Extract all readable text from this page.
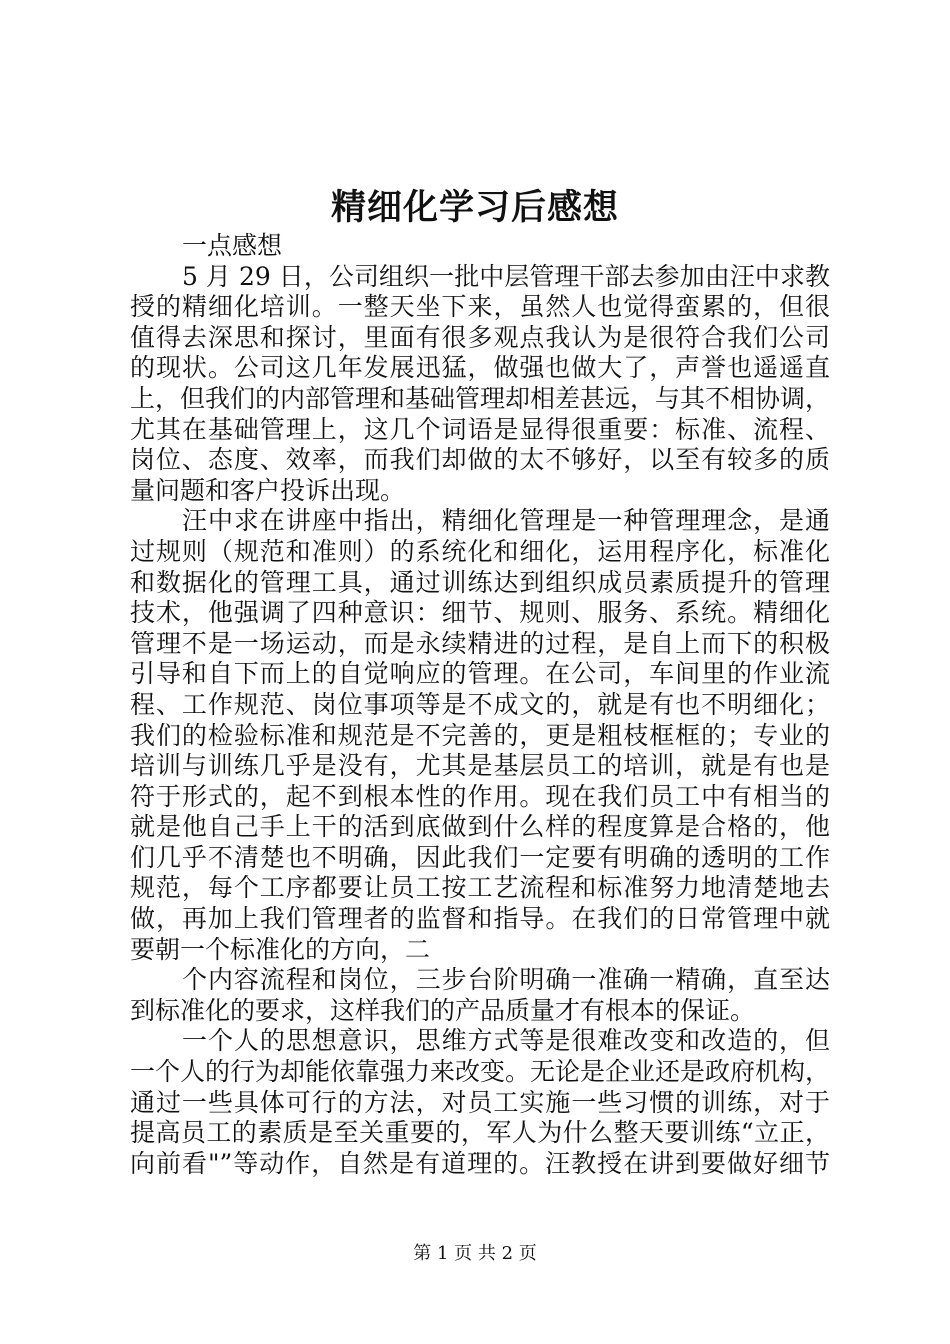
精细化学习后感想
一点感想
5 月 29 日，公司组织一批中层管理干部去参加由汪中求教
授的精细化培训。一整天坐下来，虽然人也觉得蛮累的，但很
值得去深思和探讨，里面有很多观点我认为是很符合我们公司
的现状。公司这几年发展迅猛，做强也做大了，声誉也遥遥直
上，但我们的内部管理和基础管理却相差甚远，与其不相协调，
尤其在基础管理上，这几个词语是显得很重要：标准、流程、
岗位、态度、效率，而我们却做的太不够好，以至有较多的质
量问题和客户投诉出现。
汪中求在讲座中指出，精细化管理是一种管理理念，是通
过规则（规范和准则）的系统化和细化，运用程序化，标准化
和数据化的管理工具，通过训练达到组织成员素质提升的管理
技术，他强调了四种意识：细节、规则、服务、系统。精细化
管理不是一场运动，而是永续精进的过程，是自上而下的积极
引导和自下而上的自觉响应的管理。在公司，车间里的作业流
程、工作规范、岗位事项等是不成文的，就是有也不明细化；
我们的检验标准和规范是不完善的，更是粗枝框框的；专业的
培训与训练几乎是没有，尤其是基层员工的培训，就是有也是
符于形式的，起不到根本性的作用。现在我们员工中有相当的
就是他自己手上干的活到底做到什么样的程度算是合格的，他
们几乎不清楚也不明确，因此我们一定要有明确的透明的工作
规范，每个工序都要让员工按工艺流程和标准努力地清楚地去
做，再加上我们管理者的监督和指导。在我们的日常管理中就
要朝一个标准化的方向，二
个内容流程和岗位，三步台阶明确一准确一精确，直至达
到标准化的要求，这样我们的产品质量才有根本的保证。
一个人的思想意识，思维方式等是很难改变和改造的，但
一个人的行为却能依靠强力来改变。无论是企业还是政府机构，
通过一些具体可行的方法，对员工实施一些习惯的训练，对于
提高员工的素质是至关重要的，军人为什么整天要训练“立正，
向前看"”等动作，自然是有道理的。汪教授在讲到要做好细节
第 1 页 共 2 页
